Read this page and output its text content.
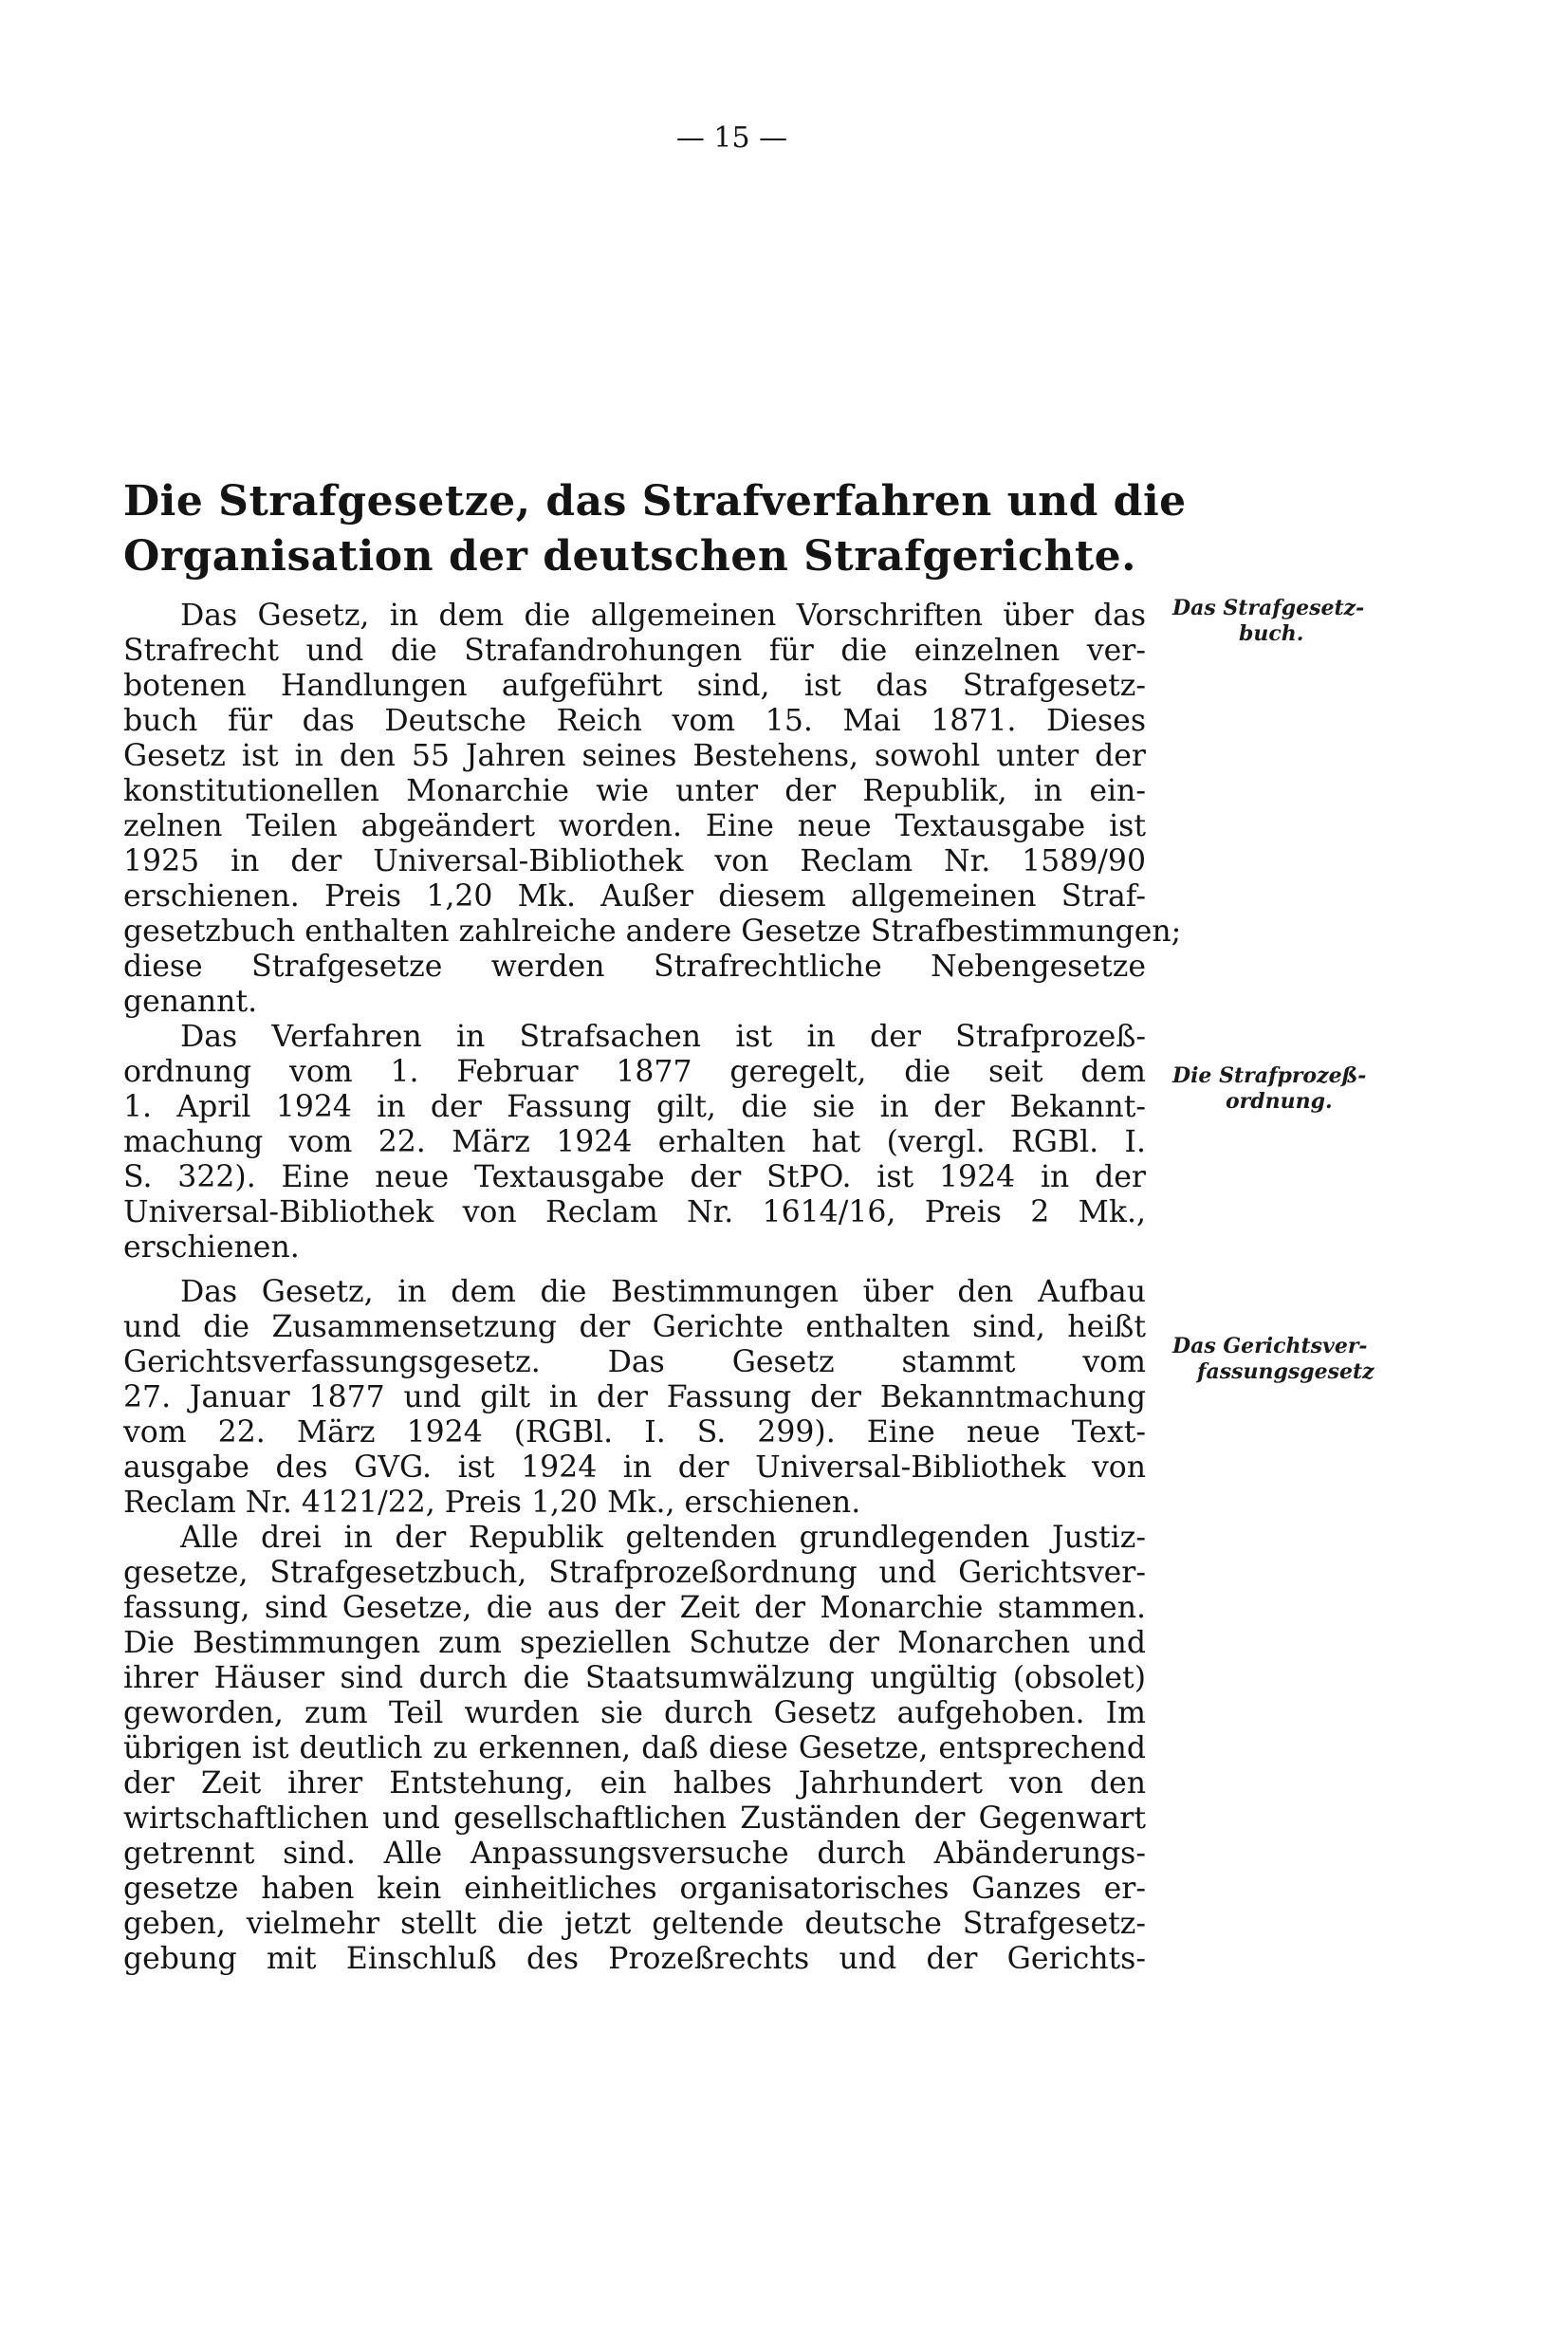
— 15 —
Die Strafgesetze, das Strafverfahren und die
Organisation der deutschen Strafgerichte.
Das Strafgesetz-
buch.
Die Strafprozeß-
ordnung.
Das Gerichtsver-
fassungsgesetz

Das Gesetz, in dem die allgemeinen Vorschriften über das
Strafrecht und die Strafandrohungen für die einzelnen ver-
botenen Handlungen aufgeführt sind, ist das Strafgesetz-
buch für das Deutsche Reich vom 15. Mai 1871. Dieses
Gesetz ist in den 55 Jahren seines Bestehens, sowohl unter der
konstitutionellen Monarchie wie unter der Republik, in ein-
zelnen Teilen abgeändert worden. Eine neue Textausgabe ist
1925 in der Universal-Bibliothek von Reclam Nr. 1589/90
erschienen. Preis 1,20 Mk. Außer diesem allgemeinen Straf-
gesetzbuch enthalten zahlreiche andere Gesetze Strafbestimmungen;
diese Strafgesetze werden Strafrechtliche Nebengesetze
genannt.

Das Verfahren in Strafsachen ist in der Strafprozeß-
ordnung vom 1. Februar 1877 geregelt, die seit dem
1. April 1924 in der Fassung gilt, die sie in der Bekannt-
machung vom 22. März 1924 erhalten hat (vergl. RGBl. I.
S. 322). Eine neue Textausgabe der StPO. ist 1924 in der
Universal-Bibliothek von Reclam Nr. 1614/16, Preis 2 Mk.,
erschienen.

Das Gesetz, in dem die Bestimmungen über den Aufbau
und die Zusammensetzung der Gerichte enthalten sind, heißt
Gerichtsverfassungsgesetz. Das Gesetz stammt vom
27. Januar 1877 und gilt in der Fassung der Bekanntmachung
vom 22. März 1924 (RGBl. I. S. 299). Eine neue Text-
ausgabe des GVG. ist 1924 in der Universal-Bibliothek von
Reclam Nr. 4121/22, Preis 1,20 Mk., erschienen.

Alle drei in der Republik geltenden grundlegenden Justiz-
gesetze, Strafgesetzbuch, Strafprozeßordnung und Gerichtsver-
fassung, sind Gesetze, die aus der Zeit der Monarchie stammen.
Die Bestimmungen zum speziellen Schutze der Monarchen und
ihrer Häuser sind durch die Staatsumwälzung ungültig (obsolet)
geworden, zum Teil wurden sie durch Gesetz aufgehoben. Im
übrigen ist deutlich zu erkennen, daß diese Gesetze, entsprechend
der Zeit ihrer Entstehung, ein halbes Jahrhundert von den
wirtschaftlichen und gesellschaftlichen Zuständen der Gegenwart
getrennt sind. Alle Anpassungsversuche durch Abänderungs-
gesetze haben kein einheitliches organisatorisches Ganzes er-
geben, vielmehr stellt die jetzt geltende deutsche Strafgesetz-
gebung mit Einschluß des Prozeßrechts und der Gerichts-
